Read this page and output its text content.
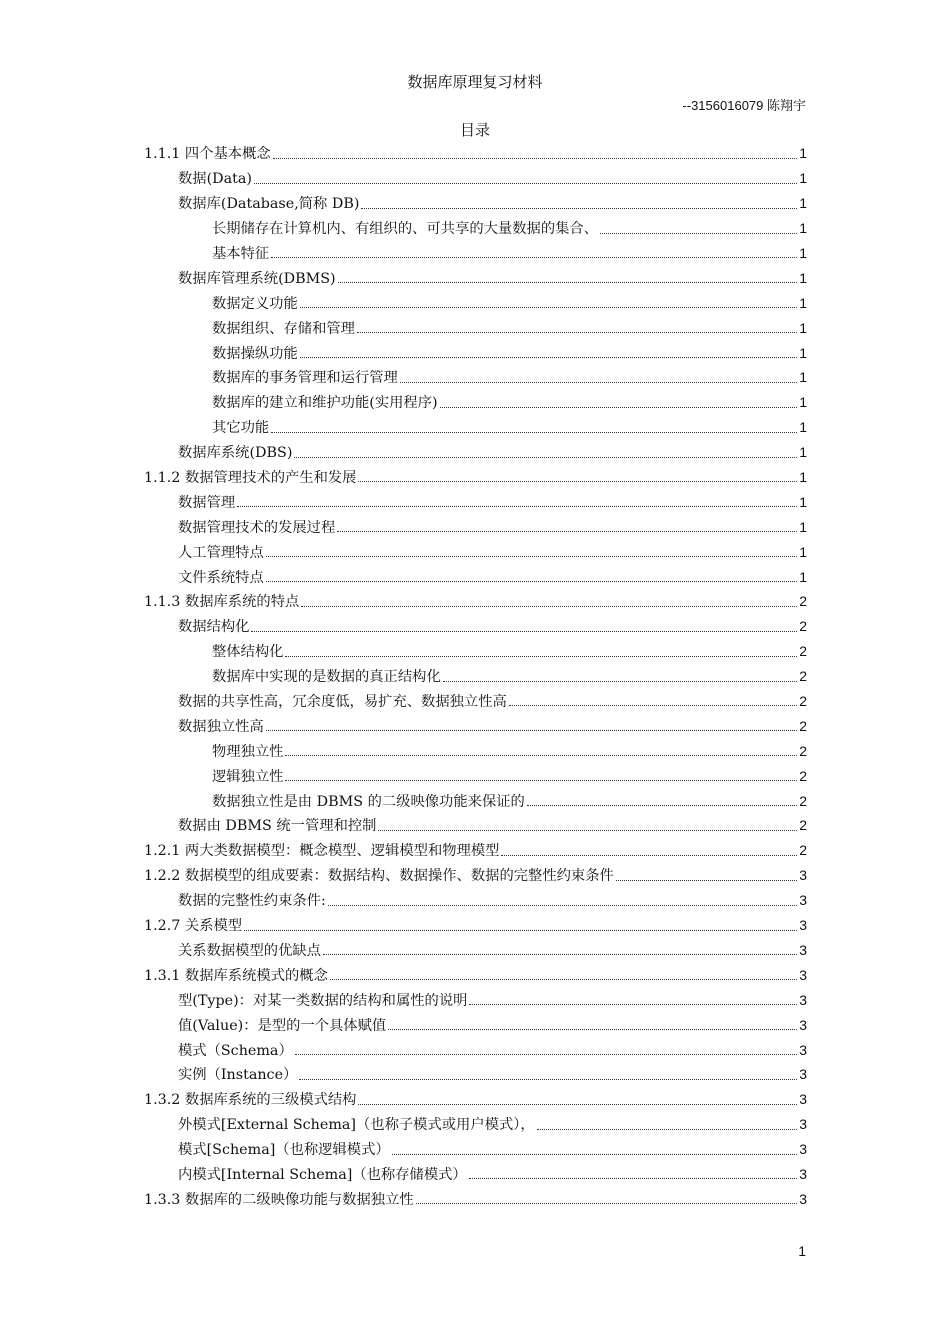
数据库原理复习材料
--3156016079 陈翔宇
目录
1.1.1 四个基本概念	1
数据(Data)	1
数据库(Database,简称 DB)	1
长期储存在计算机内、有组织的、可共享的大量数据的集合、	1
基本特征	1
数据库管理系统(DBMS)	1
数据定义功能	1
数据组织、存储和管理	1
数据操纵功能	1
数据库的事务管理和运行管理	1
数据库的建立和维护功能(实用程序)	1
其它功能	1
数据库系统(DBS)	1
1.1.2 数据管理技术的产生和发展	1
数据管理	1
数据管理技术的发展过程	1
人工管理特点	1
文件系统特点	1
1.1.3 数据库系统的特点	2
数据结构化	2
整体结构化	2
数据库中实现的是数据的真正结构化	2
数据的共享性高，冗余度低，易扩充、数据独立性高	2
数据独立性高	2
物理独立性	2
逻辑独立性	2
数据独立性是由 DBMS 的二级映像功能来保证的	2
数据由 DBMS 统一管理和控制	2
1.2.1 两大类数据模型：概念模型、逻辑模型和物理模型	2
1.2.2 数据模型的组成要素：数据结构、数据操作、数据的完整性约束条件	3
数据的完整性约束条件:	3
1.2.7 关系模型	3
关系数据模型的优缺点	3
1.3.1 数据库系统模式的概念	3
型(Type)：对某一类数据的结构和属性的说明	3
值(Value)：是型的一个具体赋值	3
模式（Schema）	3
实例（Instance）	3
1.3.2 数据库系统的三级模式结构	3
外模式[External Schema]（也称子模式或用户模式），	3
模式[Schema]（也称逻辑模式）	3
内模式[Internal Schema]（也称存储模式）	3
1.3.3 数据库的二级映像功能与数据独立性	3
1
